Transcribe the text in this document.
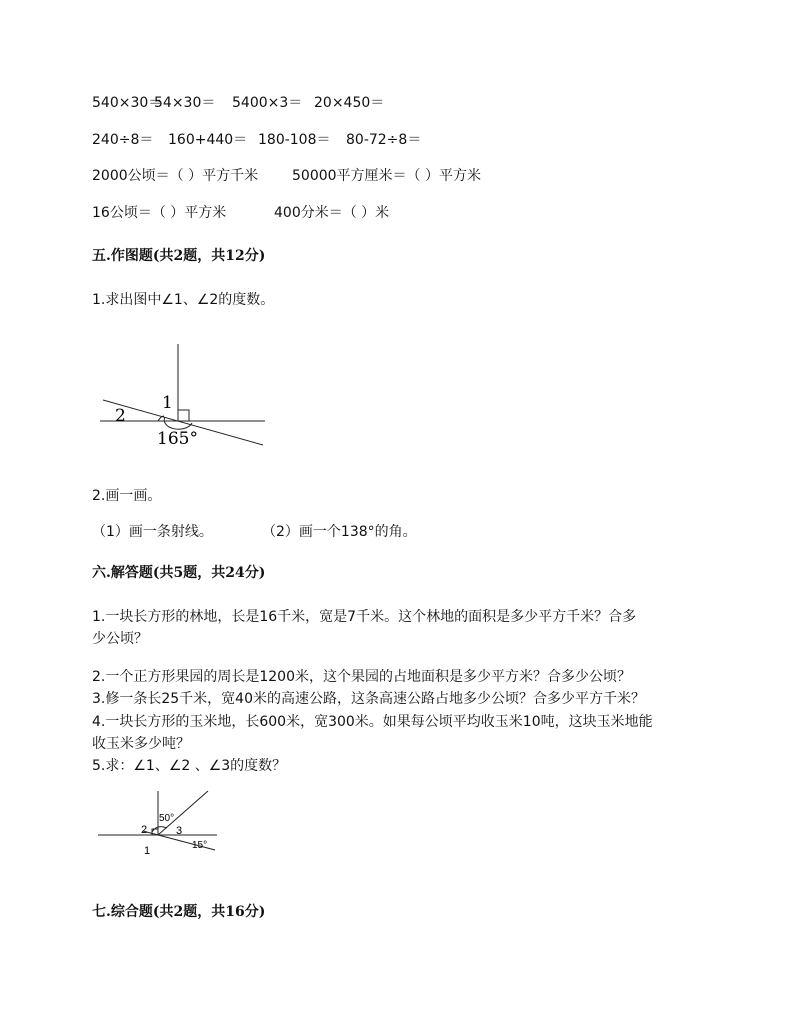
540×30＝54×30＝ 5400×3＝ 20×450＝
240÷8＝ 160+440＝ 180-108＝ 80-72÷8＝
2000公顷＝（ ）平方千米 50000平方厘米＝（ ）平方米
16公顷＝（ ）平方米	400分米＝（ ）米
五.作图题(共2题，共12分)
1.求出图中∠1、∠2的度数。
1
2
165°
2.画一画。
（1）画一条射线。	（2）画一个138°的角。
六.解答题(共5题，共24分)
1.一块长方形的林地，长是16千米，宽是7千米。这个林地的面积是多少平方千米？合多
少公顷？
2.一个正方形果园的周长是1200米，这个果园的占地面积是多少平方米？合多少公顷？
3.修一条长25千米，宽40米的高速公路，这条高速公路占地多少公顷？合多少平方千米？
4.一块长方形的玉米地，长600米，宽300米。如果每公顷平均收玉米10吨，这块玉米地能
收玉米多少吨？
5.求：∠1、∠2 、∠3的度数？
50°
2	3
15°
1
七.综合题(共2题，共16分)
